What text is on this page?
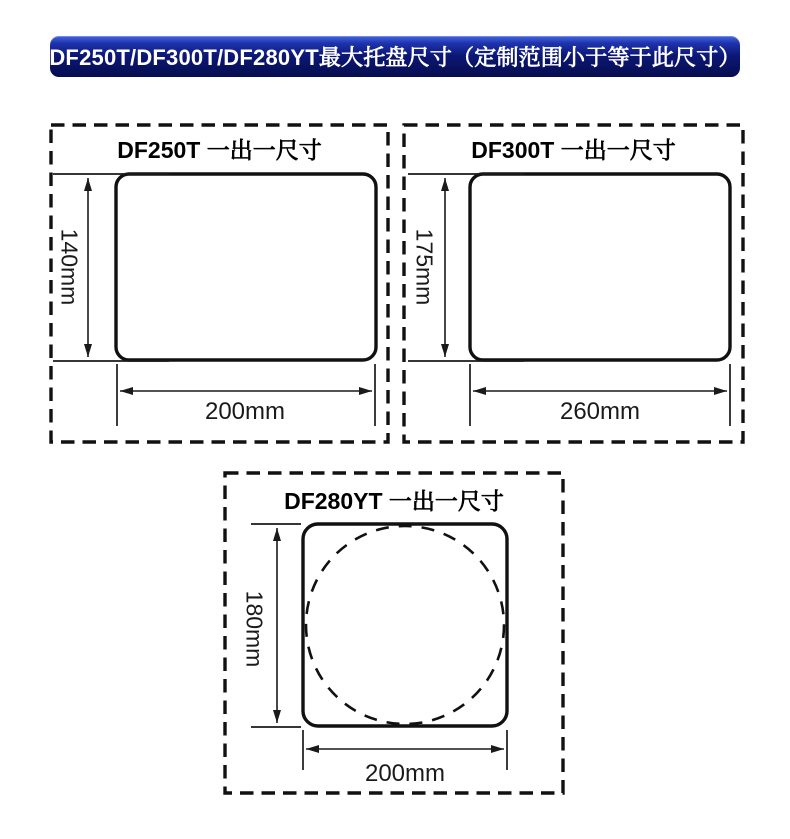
DF250T/DF300T/DF280YT最大托盘尺寸（定制范围小于等于此尺寸）
DF250T 一出一尺寸
140mm
200mm
DF300T 一出一尺寸
175mm
260mm
DF280YT 一出一尺寸
180mm
200mm
